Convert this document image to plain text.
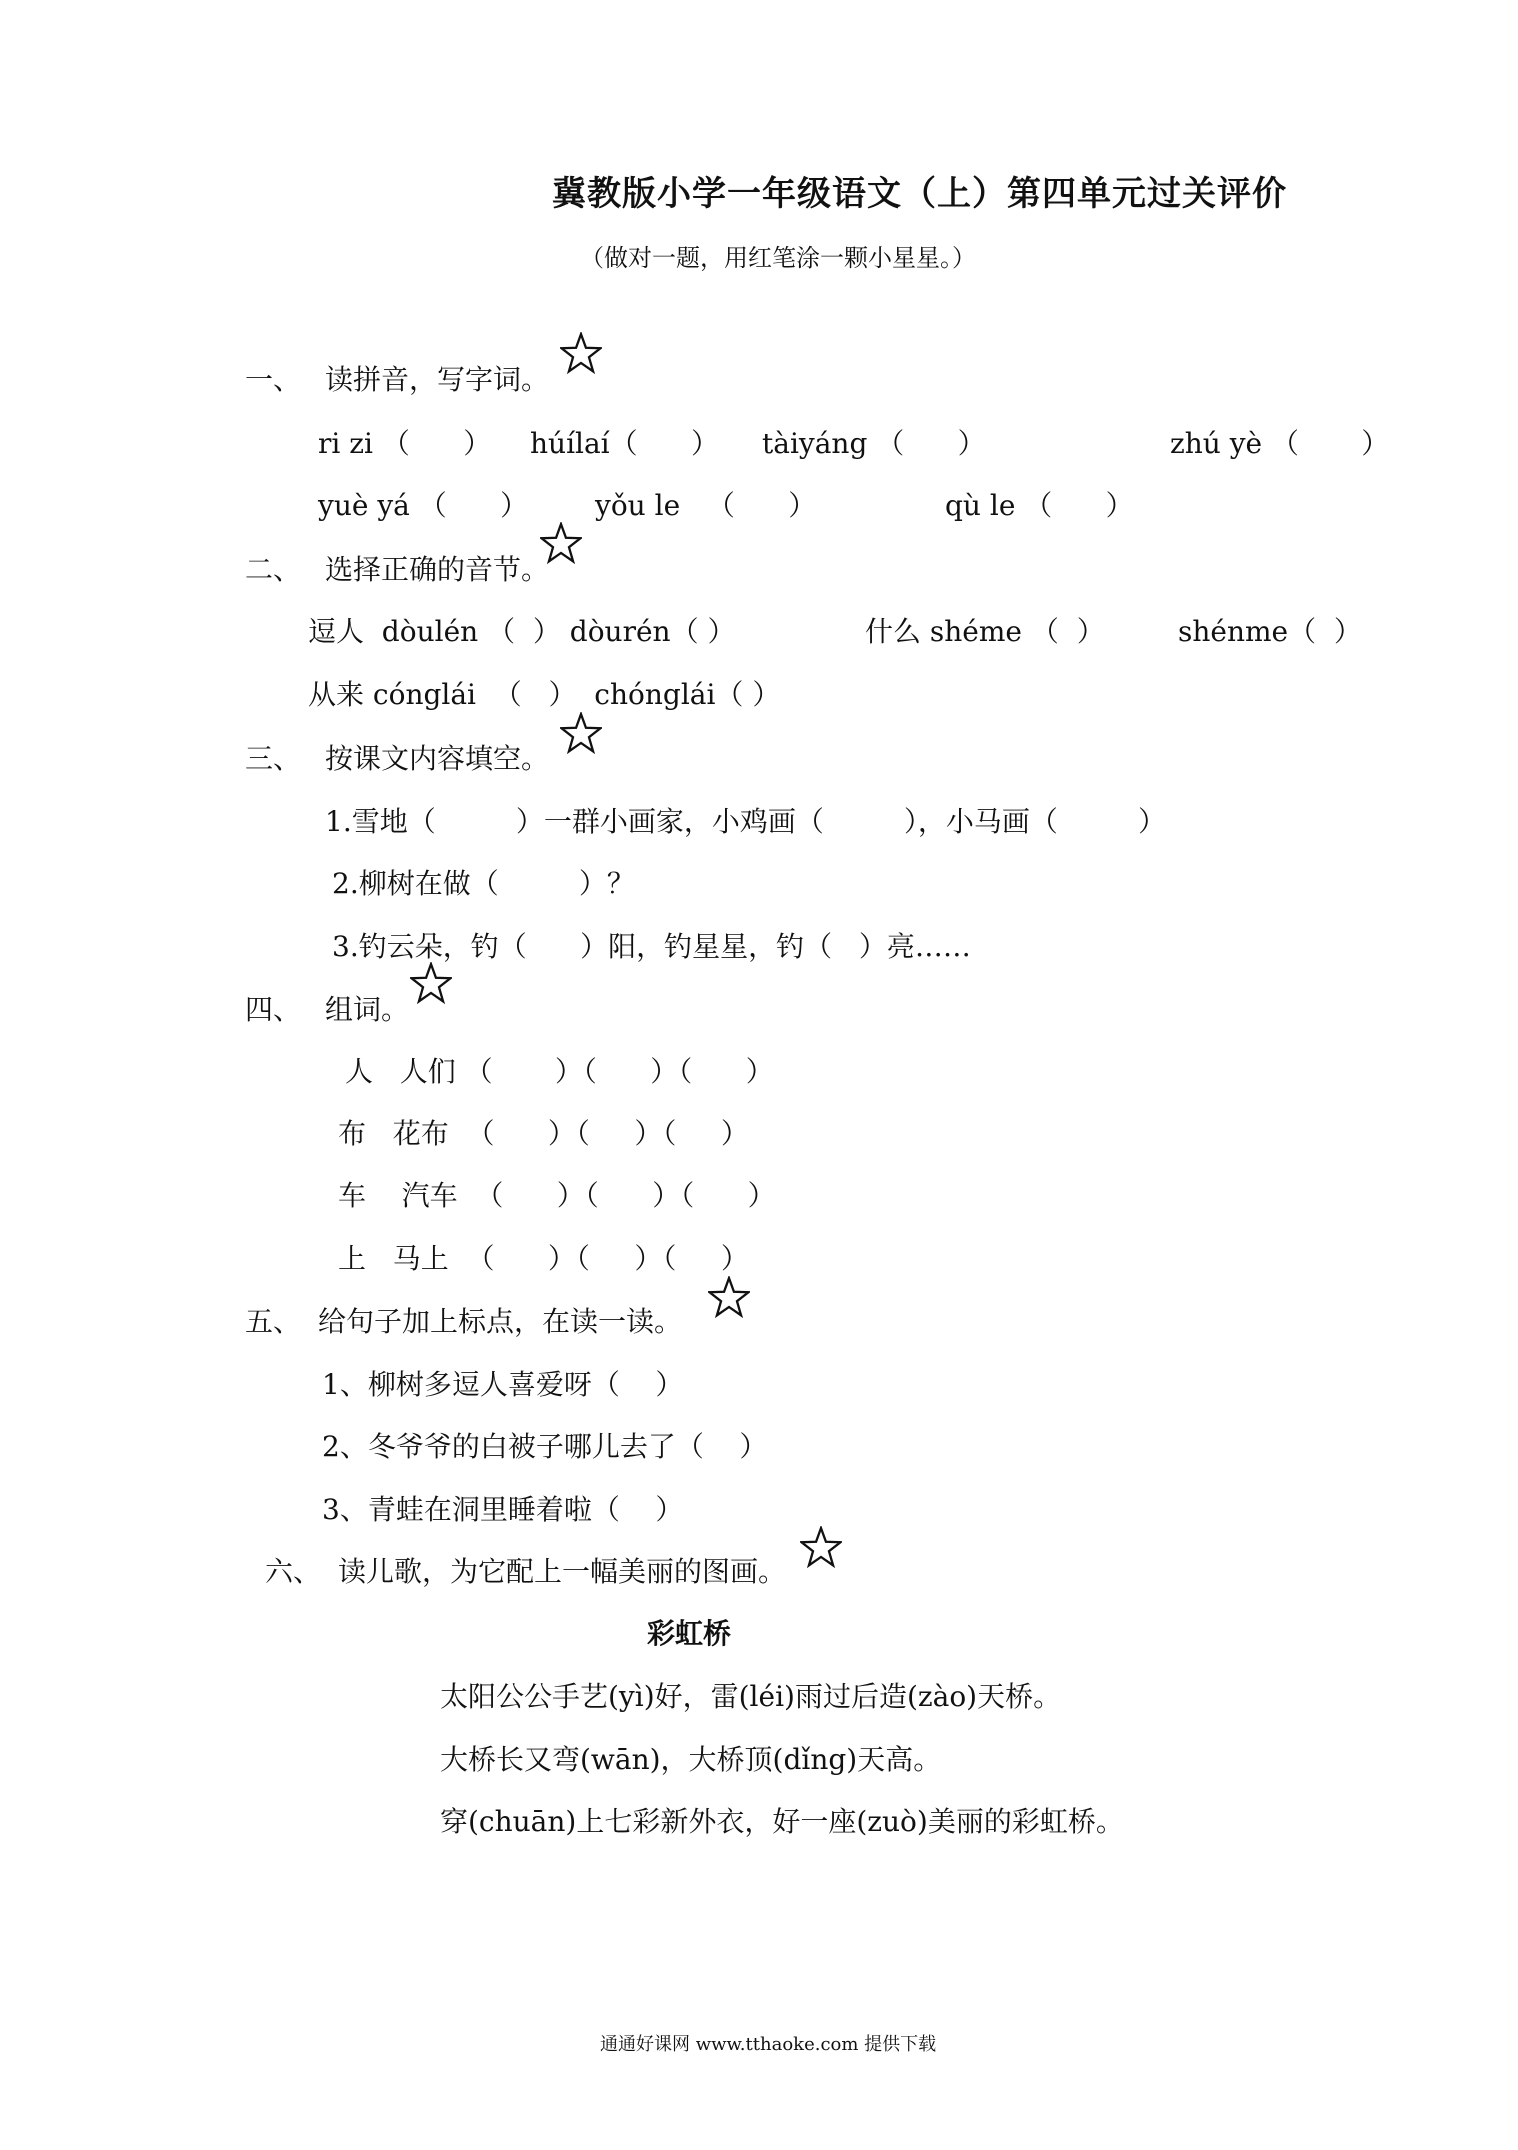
冀教版小学一年级语文（上）第四单元过关评价
（做对一题，用红笔涂一颗小星星。）
一、 读拼音，写字词。
ri zi （      ） húílaí（      ） tàiyáng （      ）	zhú yè （       ）
yuè yá （      ） yǒu le   （      ）	qù le （      ）
二、 选择正确的音节。
逗人  dòulén （  ） dòurén（ ）	什么 shéme （  ）	shénme（  ）
从来 cónglái  （   ）  chónglái（ ）
三、 按课文内容填空。
1.雪地（         ）一群小画家，小鸡画（         ），小马画（         ）
2.柳树在做（         ）？
3.钓云朵，钓（      ）阳，钓星星，钓（   ）亮……
四、 组词。
人   人们 （       ）（      ）（      ）
布   花布  （      ）（     ）（     ）
车    汽车  （      ）（      ）（      ）
上   马上  （      ）（     ）（     ）
五、 给句子加上标点，在读一读。
1、柳树多逗人喜爱呀（    ）
2、冬爷爷的白被子哪儿去了（    ）
3、青蛙在洞里睡着啦（    ）
六、 读儿歌，为它配上一幅美丽的图画。
彩虹桥
太阳公公手艺(yì)好，雷(léi)雨过后造(zào)天桥。
大桥长又弯(wān)，大桥顶(dǐng)天高。
穿(chuān)上七彩新外衣，好一座(zuò)美丽的彩虹桥。
通通好课网 www.tthaoke.com 提供下载
